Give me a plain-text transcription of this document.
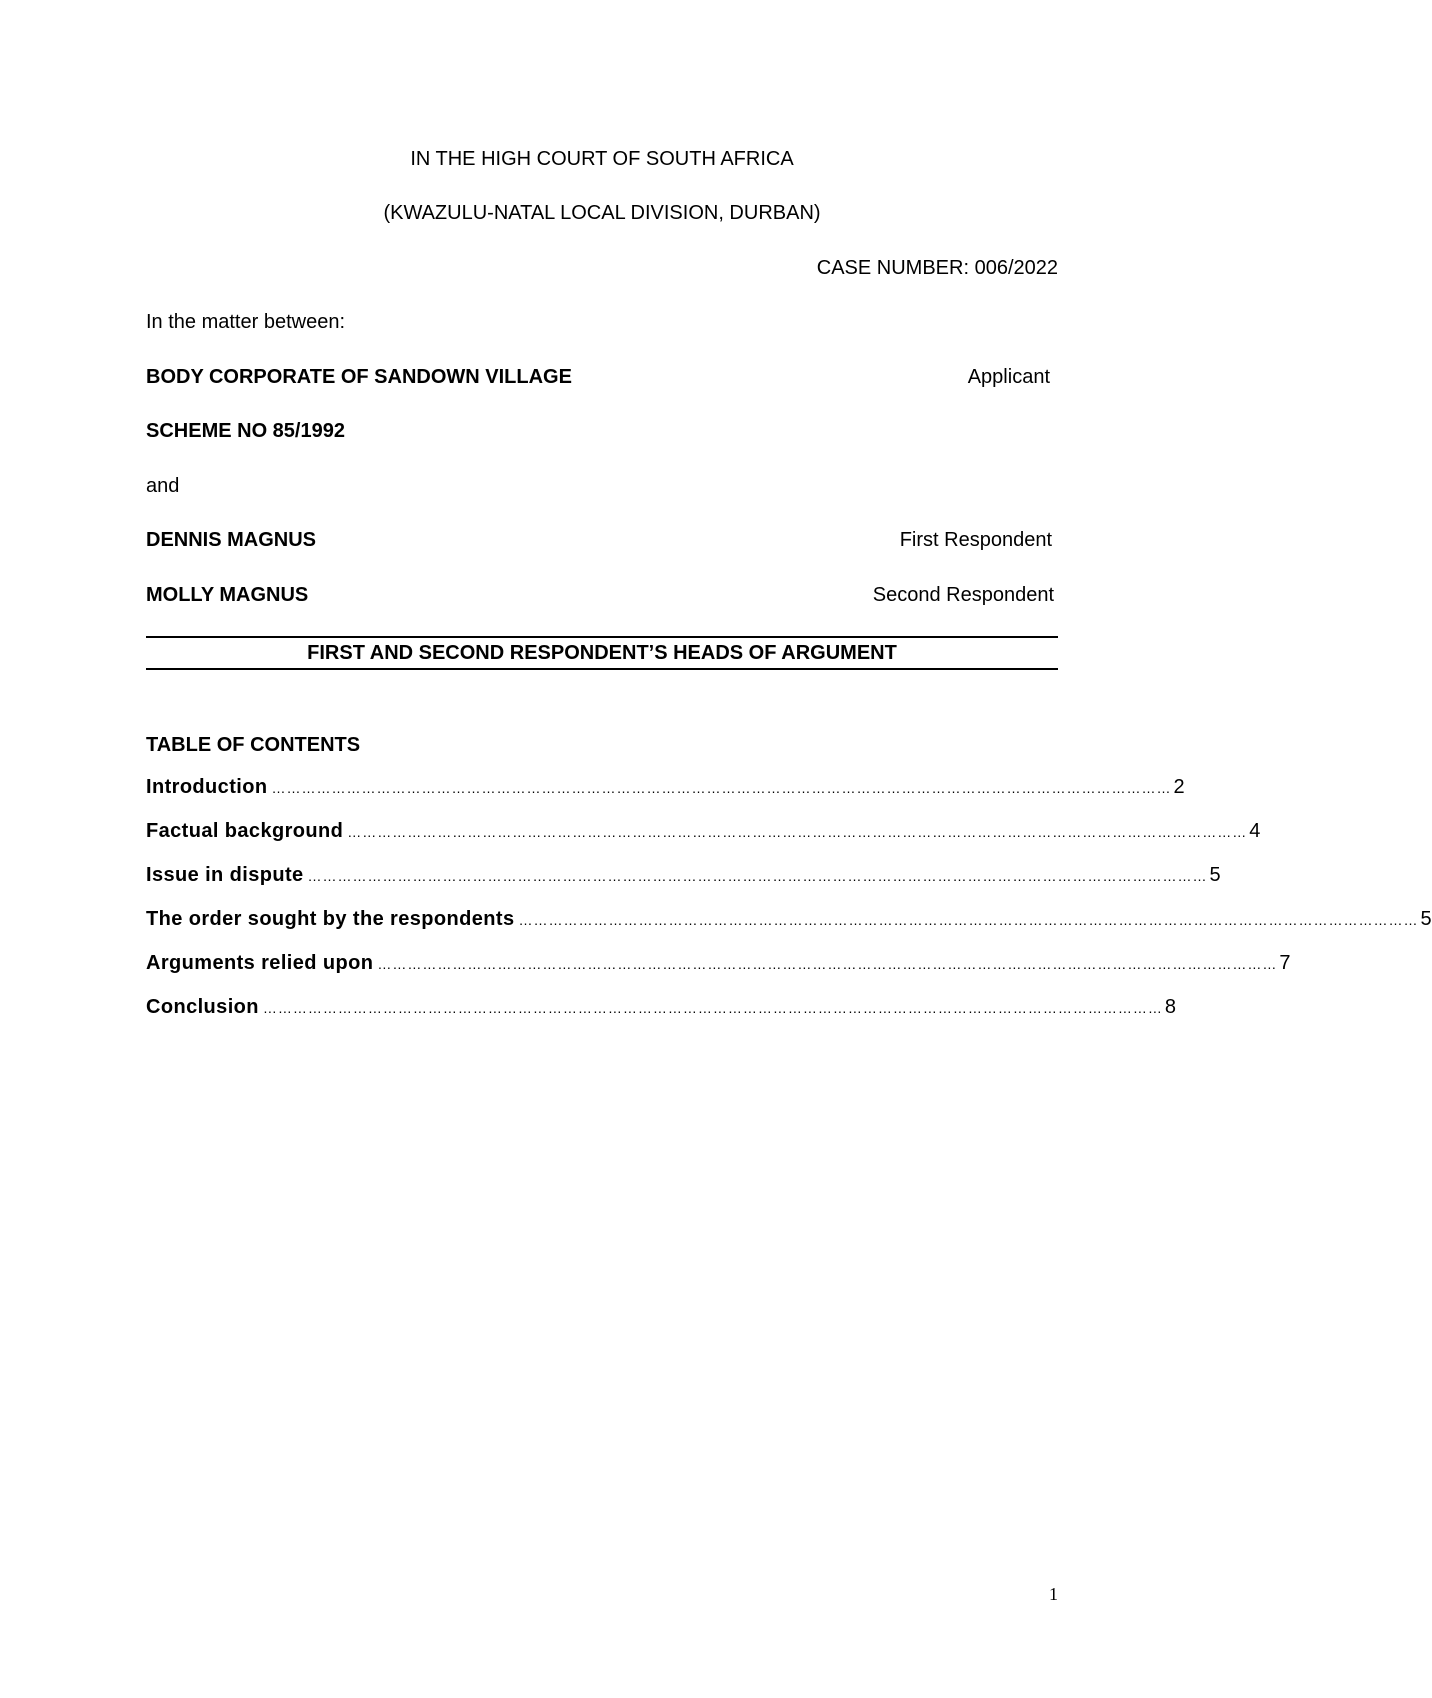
IN THE HIGH COURT OF SOUTH AFRICA
(KWAZULU-NATAL LOCAL DIVISION, DURBAN)
CASE NUMBER: 006/2022
In the matter between:
BODY CORPORATE OF SANDOWN VILLAGE	Applicant
SCHEME NO 85/1992
and
DENNIS MAGNUS	First Respondent
MOLLY MAGNUS	Second Respondent
FIRST AND SECOND RESPONDENT’S HEADS OF ARGUMENT
TABLE OF CONTENTS
Introduction ……………………………………………………………………………………………………………………………………………………………… 2
Factual background ……………………………………………………………………………………………………………………………………………………………… 4
Issue in dispute ……………………………………………………………………………………………………………………………………………………………… 5
The order sought by the respondents ……………………………………………………………………………………………………………………………………………………………… 5
Arguments relied upon ……………………………………………………………………………………………………………………………………………………………… 7
Conclusion ……………………………………………………………………………………………………………………………………………………………… 8
1
